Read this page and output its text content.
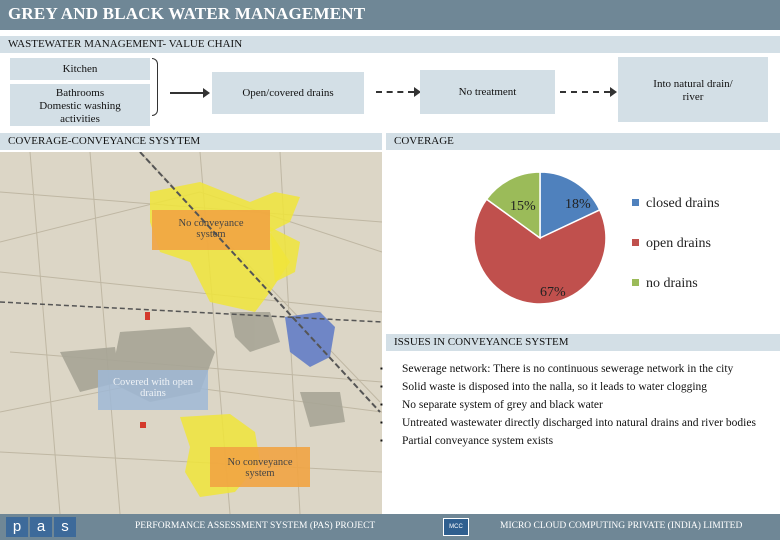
GREY AND BLACK WATER MANAGEMENT
WASTEWATER MANAGEMENT- VALUE CHAIN
Kitchen
Bathrooms
Domestic washing
activities
Open/covered drains	No treatment
Into natural drain/
river
COVERAGE-CONVEYANCE SYSYTEM	COVERAGE
No conveyance
system
Covered with open
drains
No conveyance
system
18%
67%
15%	closed drains
open drains
no drains
ISSUES IN CONVEYANCE SYSTEM
▪ Sewerage network: There is no continuous sewerage network in the city
▪ Solid waste is disposed into the nalla, so it leads to water clogging
▪ No separate system of grey and black water
▪ Untreated wastewater directly discharged into natural drains and river bodies
▪ Partial conveyance system exists
p	a	s	PERFORMANCE ASSESSMENT SYSTEM (PAS) PROJECT	MCC	MICRO CLOUD COMPUTING PRIVATE (INDIA) LIMITED
